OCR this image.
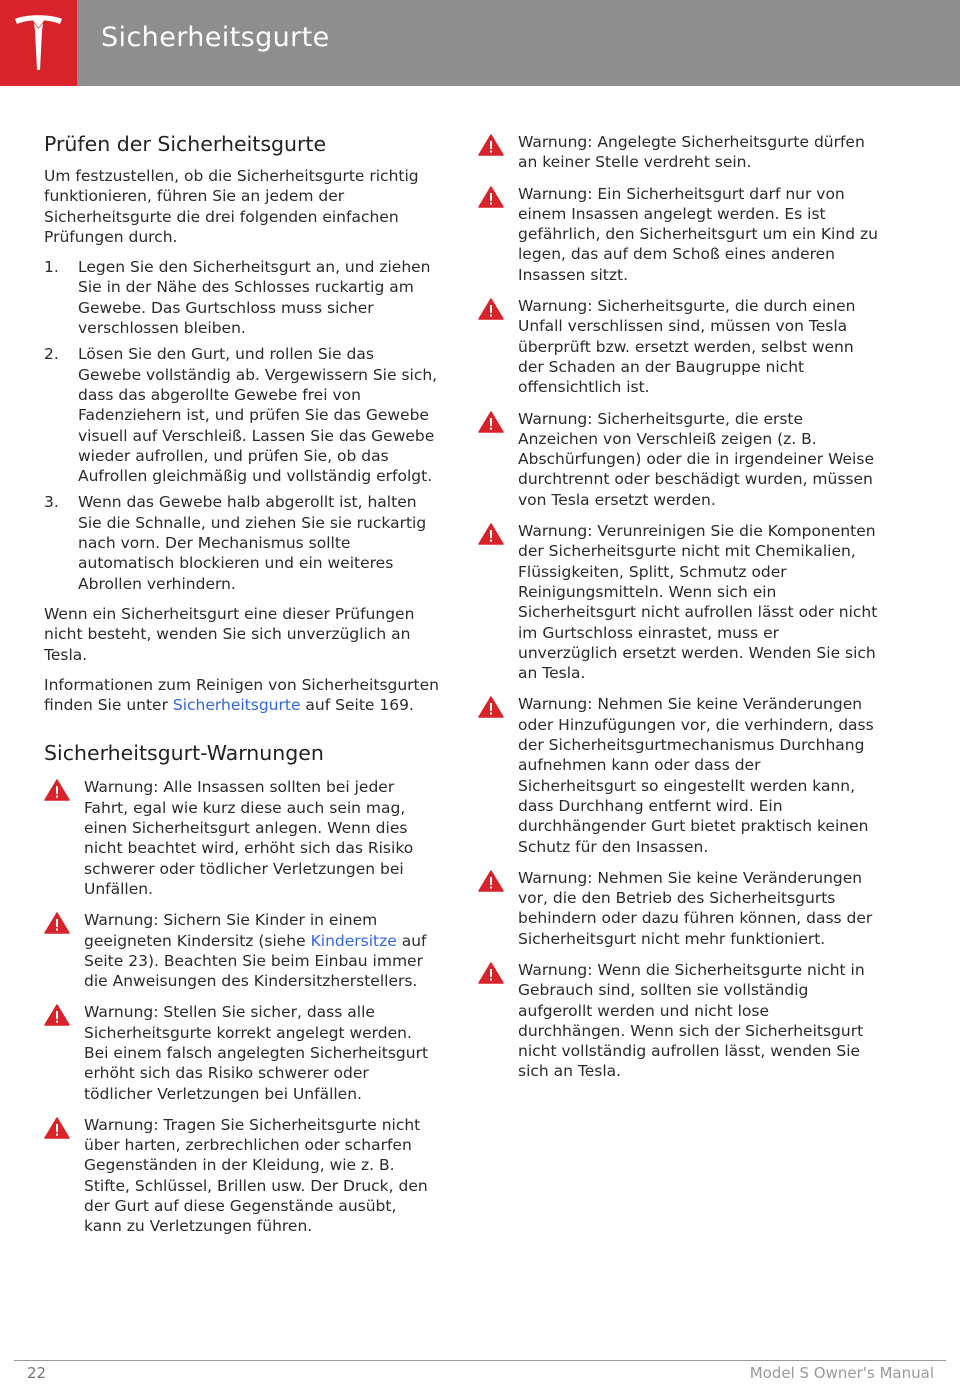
Sicherheitsgurte
Prüfen der Sicherheitsgurte

Um festzustellen, ob die Sicherheitsgurte richtig funktionieren, führen Sie an jedem der Sicherheitsgurte die drei folgenden einfachen Prüfungen durch.

1.	Legen Sie den Sicherheitsgurt an, und ziehen Sie in der Nähe des Schlosses ruckartig am Gewebe. Das Gurtschloss muss sicher verschlossen bleiben.
2.	Lösen Sie den Gurt, und rollen Sie das Gewebe vollständig ab. Vergewissern Sie sich, dass das abgerollte Gewebe frei von Fadenziehern ist, und prüfen Sie das Gewebe visuell auf Verschleiß. Lassen Sie das Gewebe wieder aufrollen, und prüfen Sie, ob das Aufrollen gleichmäßig und vollständig erfolgt.
3.	Wenn das Gewebe halb abgerollt ist, halten Sie die Schnalle, und ziehen Sie sie ruckartig nach vorn. Der Mechanismus sollte automatisch blockieren und ein weiteres Abrollen verhindern.

Wenn ein Sicherheitsgurt eine dieser Prüfungen nicht besteht, wenden Sie sich unverzüglich an Tesla.

Informationen zum Reinigen von Sicherheitsgurten finden Sie unter Sicherheitsgurte auf Seite 169.

Sicherheitsgurt-Warnungen
Warnung: Alle Insassen sollten bei jeder Fahrt, egal wie kurz diese auch sein mag, einen Sicherheitsgurt anlegen. Wenn dies nicht beachtet wird, erhöht sich das Risiko schwerer oder tödlicher Verletzungen bei Unfällen.
Warnung: Sichern Sie Kinder in einem geeigneten Kindersitz (siehe Kindersitze auf Seite 23). Beachten Sie beim Einbau immer die Anweisungen des Kindersitzherstellers.
Warnung: Stellen Sie sicher, dass alle Sicherheitsgurte korrekt angelegt werden. Bei einem falsch angelegten Sicherheitsgurt erhöht sich das Risiko schwerer oder tödlicher Verletzungen bei Unfällen.
Warnung: Tragen Sie Sicherheitsgurte nicht über harten, zerbrechlichen oder scharfen Gegenständen in der Kleidung, wie z. B. Stifte, Schlüssel, Brillen usw. Der Druck, den der Gurt auf diese Gegenstände ausübt, kann zu Verletzungen führen.
Warnung: Angelegte Sicherheitsgurte dürfen an keiner Stelle verdreht sein.
Warnung: Ein Sicherheitsgurt darf nur von einem Insassen angelegt werden. Es ist gefährlich, den Sicherheitsgurt um ein Kind zu legen, das auf dem Schoß eines anderen Insassen sitzt.
Warnung: Sicherheitsgurte, die durch einen Unfall verschlissen sind, müssen von Tesla überprüft bzw. ersetzt werden, selbst wenn der Schaden an der Baugruppe nicht offensichtlich ist.
Warnung: Sicherheitsgurte, die erste Anzeichen von Verschleiß zeigen (z. B. Abschürfungen) oder die in irgendeiner Weise durchtrennt oder beschädigt wurden, müssen von Tesla ersetzt werden.
Warnung: Verunreinigen Sie die Komponenten der Sicherheitsgurte nicht mit Chemikalien, Flüssigkeiten, Splitt, Schmutz oder Reinigungsmitteln. Wenn sich ein Sicherheitsgurt nicht aufrollen lässt oder nicht im Gurtschloss einrastet, muss er unverzüglich ersetzt werden. Wenden Sie sich an Tesla.
Warnung: Nehmen Sie keine Veränderungen oder Hinzufügungen vor, die verhindern, dass der Sicherheitsgurtmechanismus Durchhang aufnehmen kann oder dass der Sicherheitsgurt so eingestellt werden kann, dass Durchhang entfernt wird. Ein durchhängender Gurt bietet praktisch keinen Schutz für den Insassen.
Warnung: Nehmen Sie keine Veränderungen vor, die den Betrieb des Sicherheitsgurts behindern oder dazu führen können, dass der Sicherheitsgurt nicht mehr funktioniert.
Warnung: Wenn die Sicherheitsgurte nicht in Gebrauch sind, sollten sie vollständig aufgerollt werden und nicht lose durchhängen. Wenn sich der Sicherheitsgurt nicht vollständig aufrollen lässt, wenden Sie sich an Tesla.
22	Model S Owner's Manual
